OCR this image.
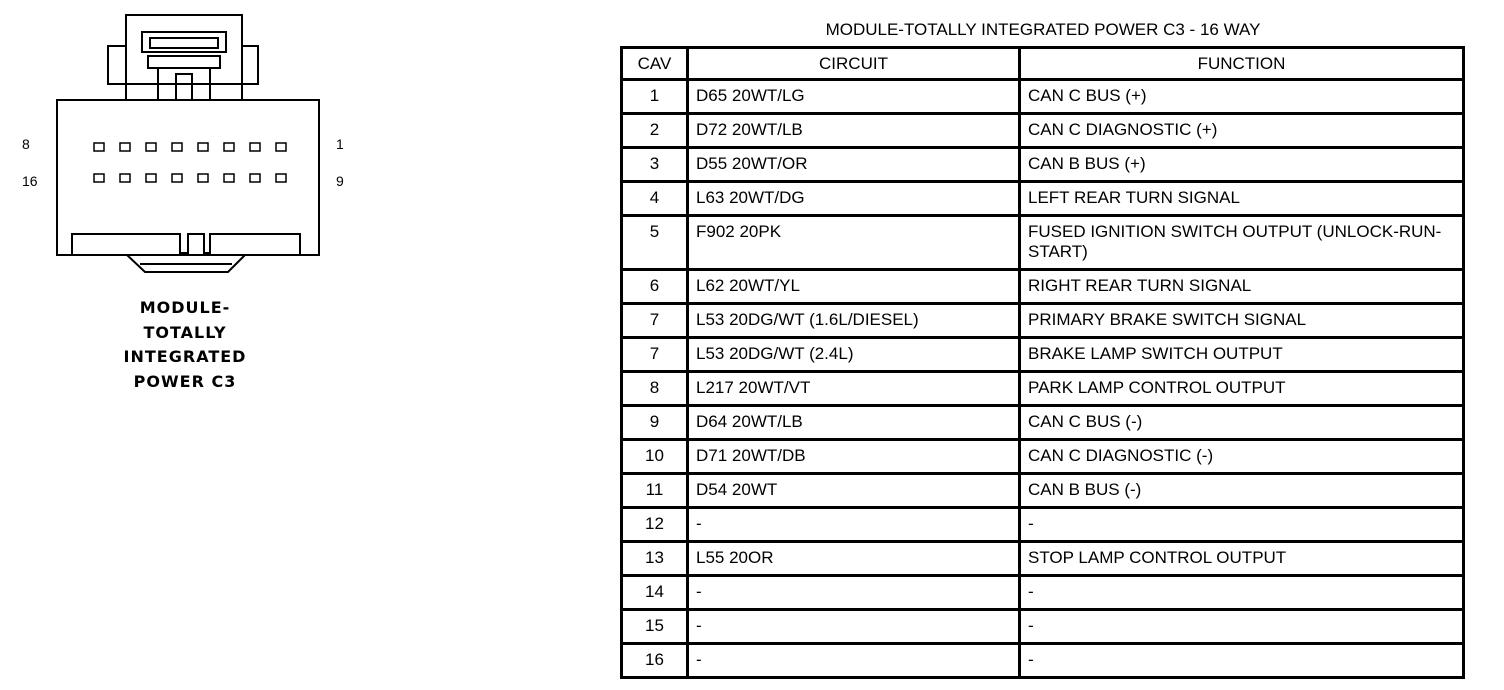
8	1
16	9
MODULE-
TOTALLY
INTEGRATED
POWER C3
MODULE-TOTALLY INTEGRATED POWER C3 - 16 WAY
CAV	CIRCUIT	FUNCTION
1	D65 20WT/LG	CAN C BUS (+)
2	D72 20WT/LB	CAN C DIAGNOSTIC (+)
3	D55 20WT/OR	CAN B BUS (+)
4	L63 20WT/DG	LEFT REAR TURN SIGNAL
5	F902 20PK	FUSED IGNITION SWITCH OUTPUT (UNLOCK-RUN-START)
6	L62 20WT/YL	RIGHT REAR TURN SIGNAL
7	L53 20DG/WT (1.6L/DIESEL)	PRIMARY BRAKE SWITCH SIGNAL
7	L53 20DG/WT (2.4L)	BRAKE LAMP SWITCH OUTPUT
8	L217 20WT/VT	PARK LAMP CONTROL OUTPUT
9	D64 20WT/LB	CAN C BUS (-)
10	D71 20WT/DB	CAN C DIAGNOSTIC (-)
11	D54 20WT	CAN B BUS (-)
12	-	-
13	L55 20OR	STOP LAMP CONTROL OUTPUT
14	-	-
15	-	-
16	-	-
